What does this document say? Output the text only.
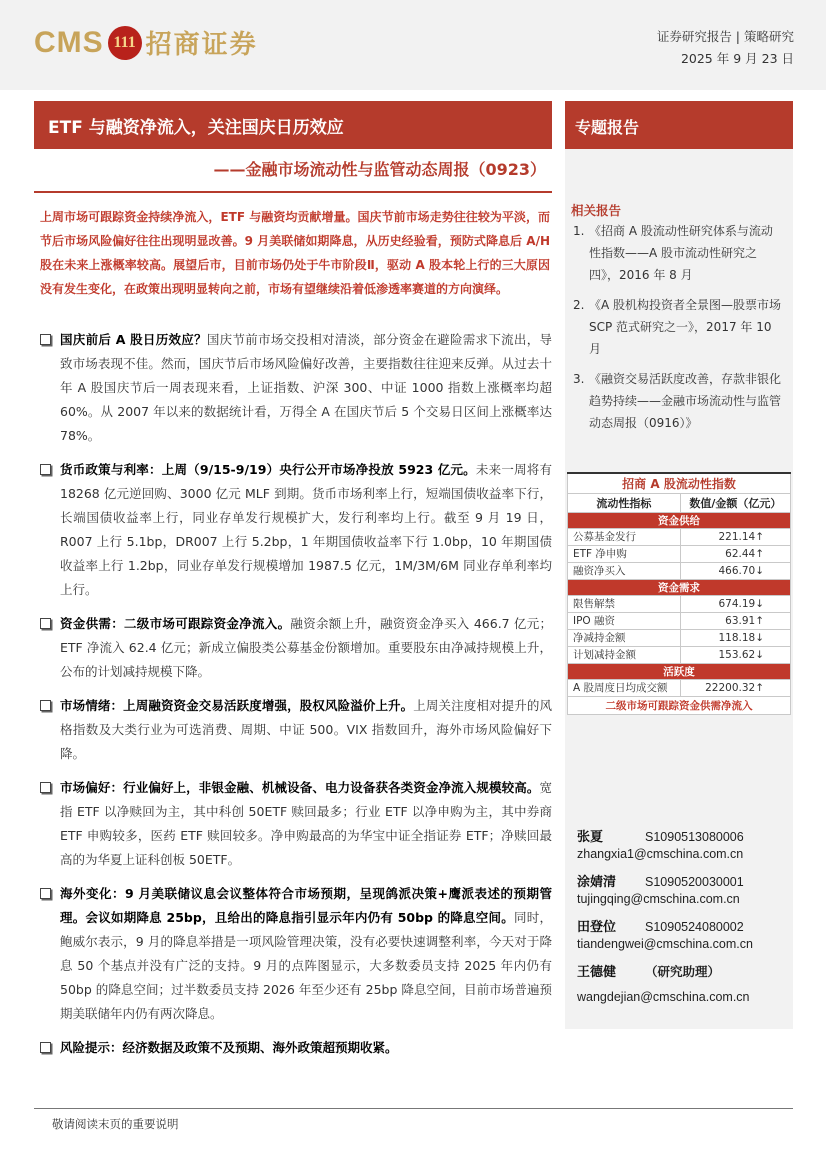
CMS 111 招商证券	证券研究报告 | 策略研究
2025 年 9 月 23 日
ETF 与融资净流入，关注国庆日历效应
——金融市场流动性与监管动态周报（0923）
专题报告
上周市场可跟踪资金持续净流入，ETF 与融资均贡献增量。国庆节前市场走势往往较为平淡，而节后市场风险偏好往往出现明显改善。9 月美联储如期降息，从历史经验看，预防式降息后 A/H 股在未来上涨概率较高。展望后市，目前市场仍处于牛市阶段Ⅱ，驱动 A 股本轮上行的三大原因没有发生变化，在政策出现明显转向之前，市场有望继续沿着低渗透率赛道的方向演绎。
国庆前后 A 股日历效应？国庆节前市场交投相对清淡，部分资金在避险需求下流出，导致市场表现不佳。然而，国庆节后市场风险偏好改善，主要指数往往迎来反弹。从过去十年 A 股国庆节后一周表现来看，上证指数、沪深 300、中证 1000 指数上涨概率均超 60%。从 2007 年以来的数据统计看，万得全 A 在国庆节后 5 个交易日区间上涨概率达 78%。
货币政策与利率：上周（9/15-9/19）央行公开市场净投放 5923 亿元。未来一周将有 18268 亿元逆回购、3000 亿元 MLF 到期。货币市场利率上行，短端国债收益率下行，长端国债收益率上行，同业存单发行规模扩大，发行利率均上行。截至 9 月 19 日，R007 上行 5.1bp，DR007 上行 5.2bp，1 年期国债收益率下行 1.0bp，10 年期国债收益率上行 1.2bp，同业存单发行规模增加 1987.5 亿元，1M/3M/6M 同业存单利率均上行。
资金供需：二级市场可跟踪资金净流入。融资余额上升，融资资金净买入 466.7 亿元；ETF 净流入 62.4 亿元；新成立偏股类公募基金份额增加。重要股东由净减持规模上升，公布的计划减持规模下降。
市场情绪：上周融资资金交易活跃度增强，股权风险溢价上升。上周关注度相对提升的风格指数及大类行业为可选消费、周期、中证 500。VIX 指数回升，海外市场风险偏好下降。
市场偏好：行业偏好上，非银金融、机械设备、电力设备获各类资金净流入规模较高。宽指 ETF 以净赎回为主，其中科创 50ETF 赎回最多；行业 ETF 以净申购为主，其中券商 ETF 申购较多，医药 ETF 赎回较多。净申购最高的为华宝中证全指证券 ETF；净赎回最高的为华夏上证科创板 50ETF。
海外变化：9 月美联储议息会议整体符合市场预期，呈现鸽派决策+鹰派表述的预期管理。会议如期降息 25bp，且给出的降息指引显示年内仍有 50bp 的降息空间。同时，鲍威尔表示，9 月的降息举措是一项风险管理决策，没有必要快速调整利率，今天对于降息 50 个基点并没有广泛的支持。9 月的点阵图显示，大多数委员支持 2025 年内仍有 50bp 的降息空间；过半数委员支持 2026 年至少还有 25bp 降息空间，目前市场普遍预期美联储年内仍有两次降息。
风险提示：经济数据及政策不及预期、海外政策超预期收紧。
相关报告
1. 《招商 A 股流动性研究体系与流动性指数——A 股市流动性研究之四》，2016 年 8 月
2. 《A 股机构投资者全景图—股票市场 SCP 范式研究之一》，2017 年 10 月
3. 《融资交易活跃度改善，存款非银化趋势持续——金融市场流动性与监管动态周报（0916）》
招商 A 股流动性指数	
流动性指标	数值/金额（亿元）
资金供给	
公募基金发行	221.14↑
ETF 净申购	62.44↑
融资净买入	466.70↓
资金需求	
限售解禁	674.19↓
IPO 融资	63.91↑
净减持金额	118.18↓
计划减持金额	153.62↓
活跃度	
A 股周度日均成交额	22200.32↑
二级市场可跟踪资金供需净流入	
张夏	S1090513080006
zhangxia1@cmschina.com.cn
涂婧清	S1090520030001
tujingqing@cmschina.com.cn
田登位	S1090524080002
tiandengwei@cmschina.com.cn
王德健	（研究助理）
wangdejian@cmschina.com.cn
敬请阅读末页的重要说明
